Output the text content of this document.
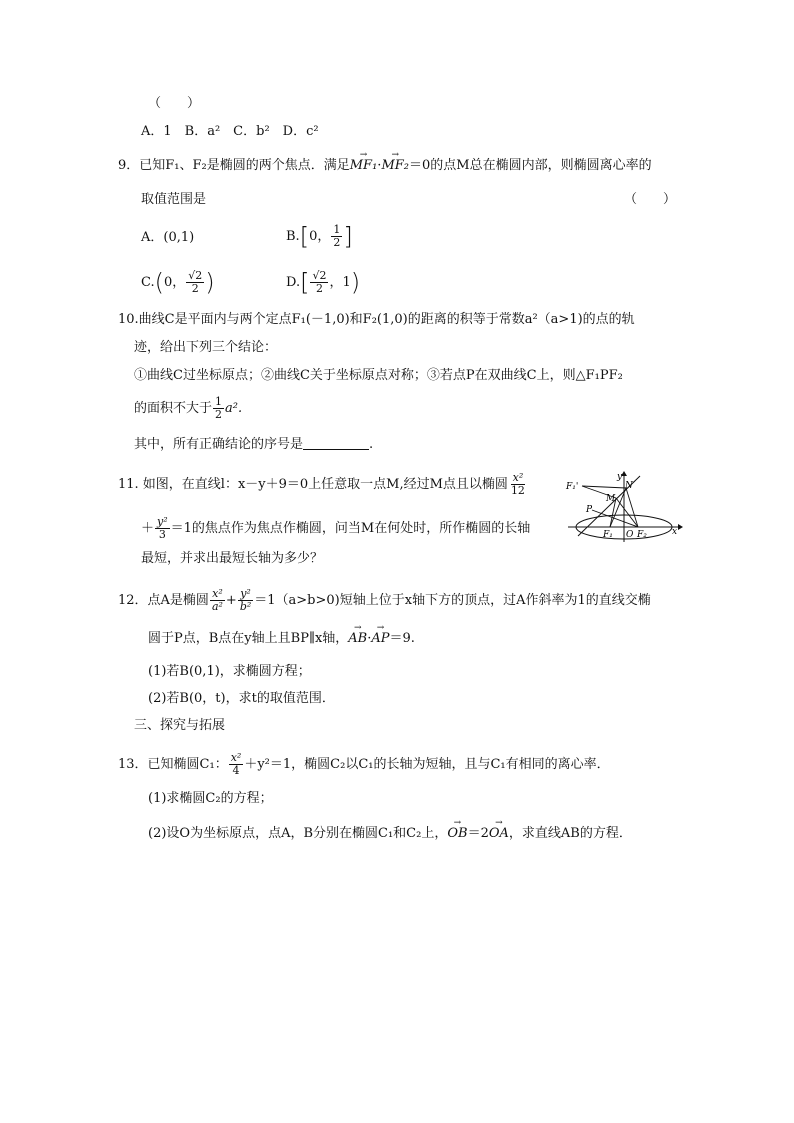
（　　）
A．1　B．a²　C．b²　D．c²
9．已知F₁、F₂是椭圆的两个焦点．满足→ MF₁·→ MF₂＝0的点M总在椭圆内部，则椭圆离心率的
取值范围是	（　　）
A．(0,1)	B.[0， $\frac{1}{2}$ ]
C.(0， $\frac{√2}{2}$ )	$D.[ \frac{√2}{2}$ ，1)
10.曲线C是平面内与两个定点F₁(－1,0)和F₂(1,0)的距离的积等于常数a²（a>1)的点的轨
迹，给出下列三个结论：
①曲线C过坐标原点；②曲线C关于坐标原点对称；③若点P在双曲线C上，则△F₁PF₂
的面积不大于 $\frac{1}{2} a^2$.
其中，所有正确结论的序号是	.
11. 如图，在直线l：x－y＋9＝0上任意取一点M,经过M点且以椭圆 $\frac{\text{x²}}{12}$
＋ $\frac{\text{y²}}{3} =1$的焦点作为焦点作椭圆，问当M在何处时，所作椭圆的长轴
最短，并求出最短长轴为多少？
F₁'
M
N
P
F₁ O F₂	x
y
12．点A是椭圆 $\frac{\text{x²}}{\text{a²}} + \frac{\text{y²}}{\text{b²}} =1(a>b>0)$短轴上位于x轴下方的顶点，过A作斜率为1的直线交椭
圆于P点，B点在y轴上且BP∥x轴，→ AB·→ AP＝9.
(1)若B(0,1)，求椭圆方程；
(2)若B(0，t)，求t的取值范围．
三、探究与拓展
13．已知椭圆C₁： $\frac{\text{x²}}{4} +y^2=1$，椭圆C₂以C₁的长轴为短轴，且与C₁有相同的离心率．
(1)求椭圆C₂的方程；
(2)设O为坐标原点，点A，B分别在椭圆C₁和C₂上，→ OB＝2→ OA，求直线AB的方程．
